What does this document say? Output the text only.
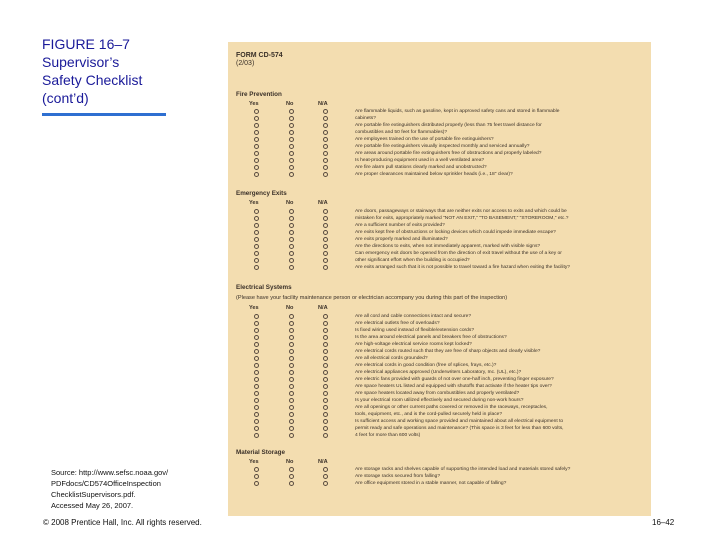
FIGURE 16–7
Supervisor’s
Safety Checklist
(cont’d)
Source: http://www.sefsc.noaa.gov/
PDFdocs/CD574OfficeInspection
ChecklistSupervisors.pdf.
Accessed May 26, 2007.
© 2008 Prentice Hall, Inc. All rights reserved.	16–42
FORM CD-574
(2/03)
Fire Prevention
Yes	No	N/A
Are flammable liquids, such as gasoline, kept in approved safety cans and stored in flammable
cabinets?
Are portable fire extinguishers distributed properly (less than 75 feet travel distance for
combustibles and 50 feet for flammables)?
Are employees trained on the use of portable fire extinguishers?
Are portable fire extinguishers visually inspected monthly and serviced annually?
Are areas around portable fire extinguishers free of obstructions and properly labeled?
Is heat-producing equipment used in a well ventilated area?
Are fire alarm pull stations clearly marked and unobstructed?
Are proper clearances maintained below sprinkler heads (i.e., 18" clear)?
Emergency Exits
Yes	No	N/A
Are doors, passageways or stairways that are neither exits nor access to exits and which could be
mistaken for exits, appropriately marked "NOT AN EXIT," "TO BASEMENT," "STOREROOM," etc.?
Are a sufficient number of exits provided?
Are exits kept free of obstructions or locking devices which could impede immediate escape?
Are exits properly marked and illuminated?
Are the directions to exits, when not immediately apparent, marked with visible signs?
Can emergency exit doors be opened from the direction of exit travel without the use of a key or
other significant effort when the building is occupied?
Are exits arranged such that it is not possible to travel toward a fire hazard when exiting the facility?
Electrical Systems
(Please have your facility maintenance person or electrician accompany you during this part of the inspection)
Yes	No	N/A
Are all cord and cable connections intact and secure?
Are electrical outlets free of overloads?
Is fixed wiring used instead of flexible/extension cords?
Is the area around electrical panels and breakers free of obstructions?
Are high-voltage electrical service rooms kept locked?
Are electrical cords routed such that they are free of sharp objects and clearly visible?
Are all electrical cords grounded?
Are electrical cords in good condition (free of splices, frays, etc.)?
Are electrical appliances approved (Underwriters Laboratory, Inc. (UL), etc.)?
Are electric fans provided with guards of not over one-half inch, preventing finger exposure?
Are space heaters UL listed and equipped with shutoffs that activate if the heater tips over?
Are space heaters located away from combustibles and properly ventilated?
Is your electrical room utilized effectively and secured during non-work hours?
Are all openings or other current paths covered or removed in the raceways, receptacles,
tools, equipment, etc., and is the cord-pulled securely held in place?
Is sufficient access and working space provided and maintained about all electrical equipment to
permit ready and safe operations and maintenance? (This space is 3 feet for less than 600 volts,
4 feet for more than 600 volts)
Material Storage
Yes	No	N/A
Are storage racks and shelves capable of supporting the intended load and materials stored safely?
Are storage racks secured from falling?
Are office equipment stored in a stable manner, not capable of falling?
